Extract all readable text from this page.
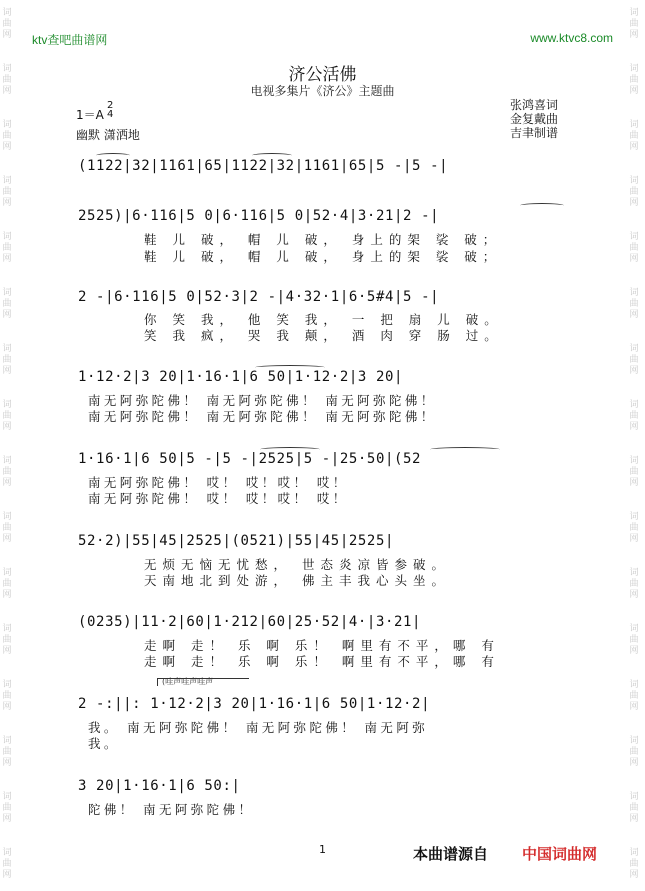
词
曲
网
词
曲
网
词
曲
网
词
曲
网
词
曲
网
词
曲
网
词
曲
网
词
曲
网
词
曲
网
词
曲
网
词
曲
网
词
曲
网
词
曲
网
词
曲
网
词
曲
网
词
曲
网
词
曲
网
词
曲
网
词
曲
网
词
曲
网
词
曲
网
词
曲
网
词
曲
网
词
曲
网
词
曲
网
词
曲
网
词
曲
网
词
曲
网
词
曲
网
词
曲
网
词
曲
网
词
曲
网
ktv查吧曲谱网	www.ktvc8.com
济公活佛
电视多集片《济公》主题曲
1＝A
2
4
幽默 潇洒地
张鸿喜词
金复戴曲
吉聿制谱
(1122|32|1161|65|1122|32|1161|65|5 -|5 -|
2525)|6·116|5 0|6·116|5 0|52·4|3·21|2 -|
鞋 儿 破， 帽 儿 破， 身上的架 裟 破；
鞋 儿 破， 帽 儿 破， 身上的架 裟 破；
2 -|6·116|5 0|52·3|2 -|4·32·1|6·5#4|5 -|
你 笑 我， 他 笑 我， 一 把 扇 儿 破。
笑 我 疯， 哭 我 颠， 酒 肉 穿 肠 过。
1·12·2|3 20|1·16·1|6 50|1·12·2|3 20|
南无阿弥陀佛！ 南无阿弥陀佛！ 南无阿弥陀佛！
南无阿弥陀佛！ 南无阿弥陀佛！ 南无阿弥陀佛！
1·16·1|6 50|5 -|5 -|2525|5 -|25·50|(52
南无阿弥陀佛！ 哎！ 哎！哎！ 哎！
南无阿弥陀佛！ 哎！ 哎！哎！ 哎！
52·2)|55|45|2525|(0521)|55|45|2525|
无烦无恼无忧愁， 世态炎凉皆参破。
天南地北到处游， 佛主丰我心头坐。
(0235)|11·2|60|1·212|60|25·52|4·|3·21|
走啊 走！ 乐 啊 乐！ 啊里有不平，哪 有
走啊 走！ 乐 啊 乐！ 啊里有不平，哪 有
(哇声哇声哇声
2 -:||: 1·12·2|3 20|1·16·1|6 50|1·12·2|
我。 南无阿弥陀佛！ 南无阿弥陀佛！ 南无阿弥
我。
3 20|1·16·1|6 50:|
陀佛！ 南无阿弥陀佛！
1	本曲谱源自 中国词曲网
